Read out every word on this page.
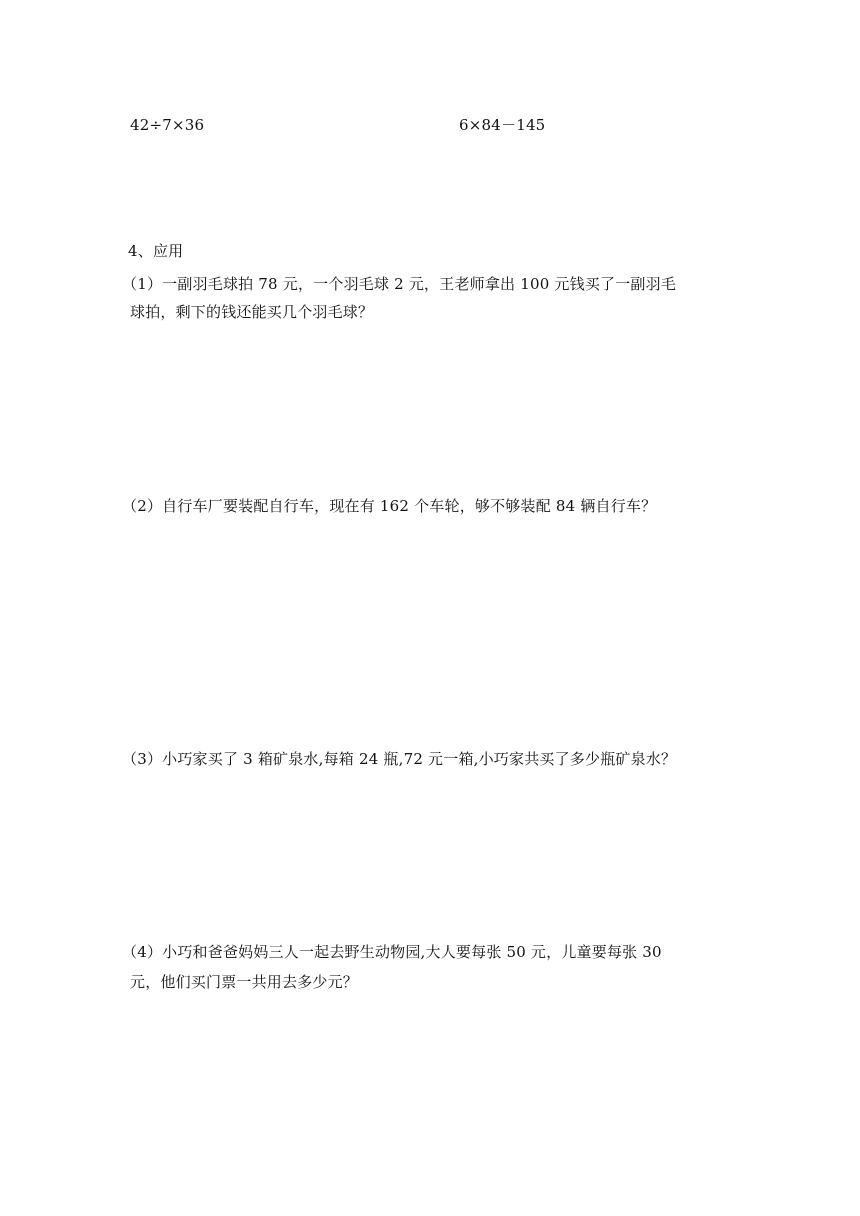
42÷7×36	6×84－145
4、应用
（1）一副羽毛球拍 78 元，一个羽毛球 2 元，王老师拿出 100 元钱买了一副羽毛
球拍，剩下的钱还能买几个羽毛球？
（2）自行车厂要装配自行车，现在有 162 个车轮，够不够装配 84 辆自行车？
（3）小巧家买了 3 箱矿泉水,每箱 24 瓶,72 元一箱,小巧家共买了多少瓶矿泉水？
（4）小巧和爸爸妈妈三人一起去野生动物园,大人要每张 50 元，儿童要每张 30
元，他们买门票一共用去多少元？
